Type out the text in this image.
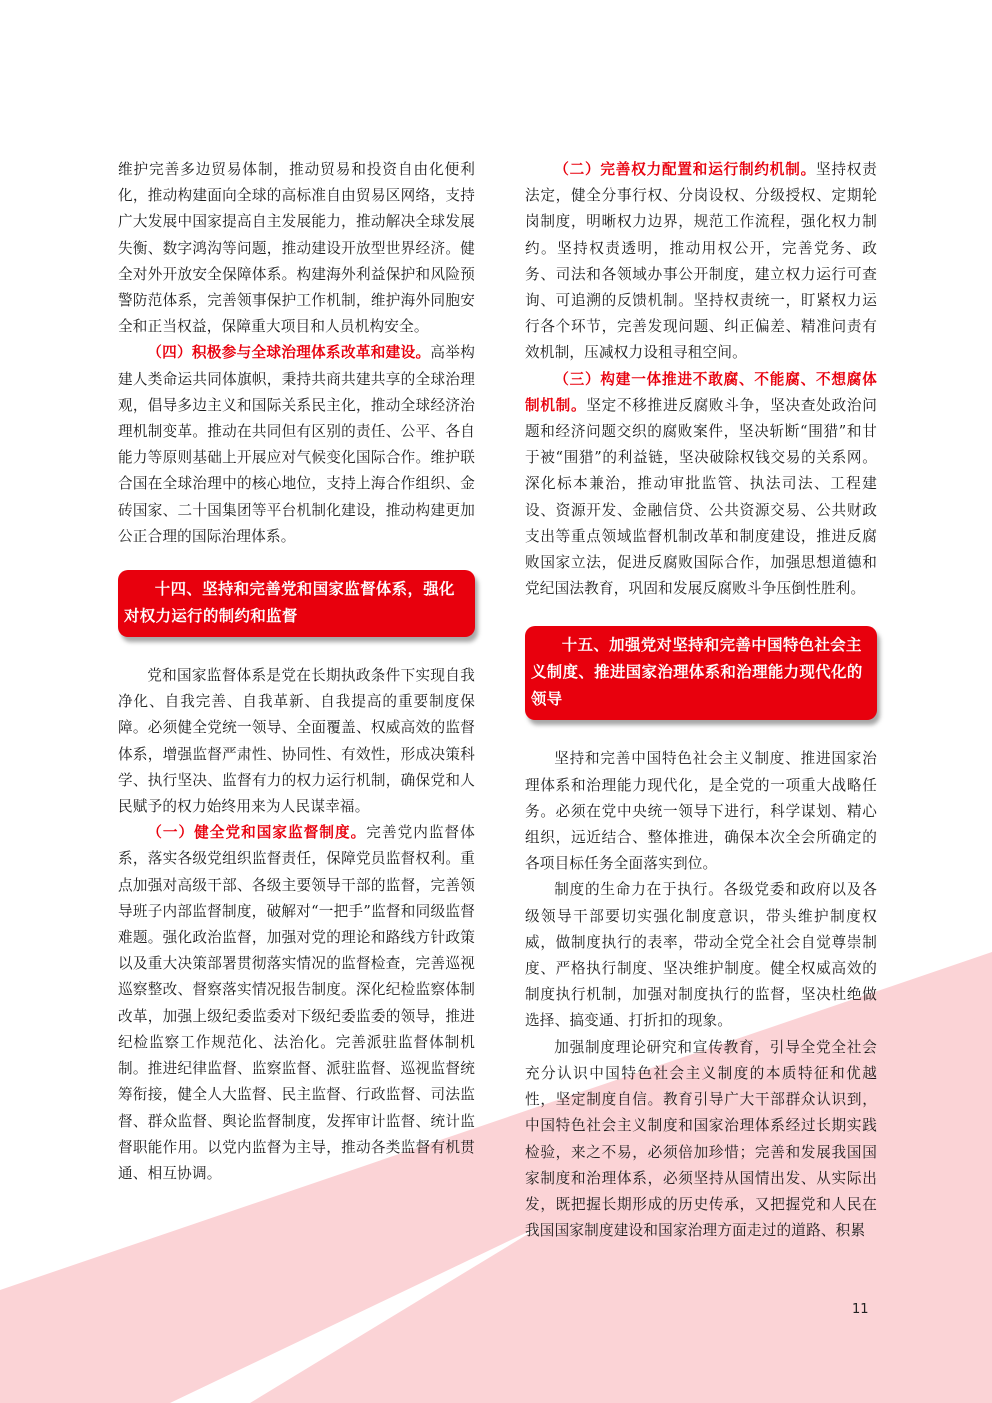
维护完善多边贸易体制，推动贸易和投资自由化便利化，推动构建面向全球的高标准自由贸易区网络，支持广大发展中国家提高自主发展能力，推动解决全球发展失衡、数字鸿沟等问题，推动建设开放型世界经济。健全对外开放安全保障体系。构建海外利益保护和风险预警防范体系，完善领事保护工作机制，维护海外同胞安全和正当权益，保障重大项目和人员机构安全。

（四）积极参与全球治理体系改革和建设。高举构建人类命运共同体旗帜，秉持共商共建共享的全球治理观，倡导多边主义和国际关系民主化，推动全球经济治理机制变革。推动在共同但有区别的责任、公平、各自能力等原则基础上开展应对气候变化国际合作。维护联合国在全球治理中的核心地位，支持上海合作组织、金砖国家、二十国集团等平台机制化建设，推动构建更加公正合理的国际治理体系。

十四、坚持和完善党和国家监督体系，强化对权力运行的制约和监督

党和国家监督体系是党在长期执政条件下实现自我净化、自我完善、自我革新、自我提高的重要制度保障。必须健全党统一领导、全面覆盖、权威高效的监督体系，增强监督严肃性、协同性、有效性，形成决策科学、执行坚决、监督有力的权力运行机制，确保党和人民赋予的权力始终用来为人民谋幸福。

（一）健全党和国家监督制度。完善党内监督体系，落实各级党组织监督责任，保障党员监督权利。重点加强对高级干部、各级主要领导干部的监督，完善领导班子内部监督制度，破解对“一把手”监督和同级监督难题。强化政治监督，加强对党的理论和路线方针政策以及重大决策部署贯彻落实情况的监督检查，完善巡视巡察整改、督察落实情况报告制度。深化纪检监察体制改革，加强上级纪委监委对下级纪委监委的领导，推进纪检监察工作规范化、法治化。完善派驻监督体制机制。推进纪律监督、监察监督、派驻监督、巡视监督统筹衔接，健全人大监督、民主监督、行政监督、司法监督、群众监督、舆论监督制度，发挥审计监督、统计监督职能作用。以党内监督为主导，推动各类监督有机贯通、相互协调。

（二）完善权力配置和运行制约机制。坚持权责法定，健全分事行权、分岗设权、分级授权、定期轮岗制度，明晰权力边界，规范工作流程，强化权力制约。坚持权责透明，推动用权公开，完善党务、政务、司法和各领域办事公开制度，建立权力运行可查询、可追溯的反馈机制。坚持权责统一，盯紧权力运行各个环节，完善发现问题、纠正偏差、精准问责有效机制，压减权力设租寻租空间。

（三）构建一体推进不敢腐、不能腐、不想腐体制机制。坚定不移推进反腐败斗争，坚决查处政治问题和经济问题交织的腐败案件，坚决斩断“围猎”和甘于被“围猎”的利益链，坚决破除权钱交易的关系网。深化标本兼治，推动审批监管、执法司法、工程建设、资源开发、金融信贷、公共资源交易、公共财政支出等重点领域监督机制改革和制度建设，推进反腐败国家立法，促进反腐败国际合作，加强思想道德和党纪国法教育，巩固和发展反腐败斗争压倒性胜利。

十五、加强党对坚持和完善中国特色社会主义制度、推进国家治理体系和治理能力现代化的领导

坚持和完善中国特色社会主义制度、推进国家治理体系和治理能力现代化，是全党的一项重大战略任务。必须在党中央统一领导下进行，科学谋划、精心组织，远近结合、整体推进，确保本次全会所确定的各项目标任务全面落实到位。

制度的生命力在于执行。各级党委和政府以及各级领导干部要切实强化制度意识，带头维护制度权威，做制度执行的表率，带动全党全社会自觉尊崇制度、严格执行制度、坚决维护制度。健全权威高效的制度执行机制，加强对制度执行的监督，坚决杜绝做选择、搞变通、打折扣的现象。

加强制度理论研究和宣传教育，引导全党全社会充分认识中国特色社会主义制度的本质特征和优越性，坚定制度自信。教育引导广大干部群众认识到，中国特色社会主义制度和国家治理体系经过长期实践检验，来之不易，必须倍加珍惜；完善和发展我国国家制度和治理体系，必须坚持从国情出发、从实际出发，既把握长期形成的历史传承，又把握党和人民在我国国家制度建设和国家治理方面走过的道路、积累

11
